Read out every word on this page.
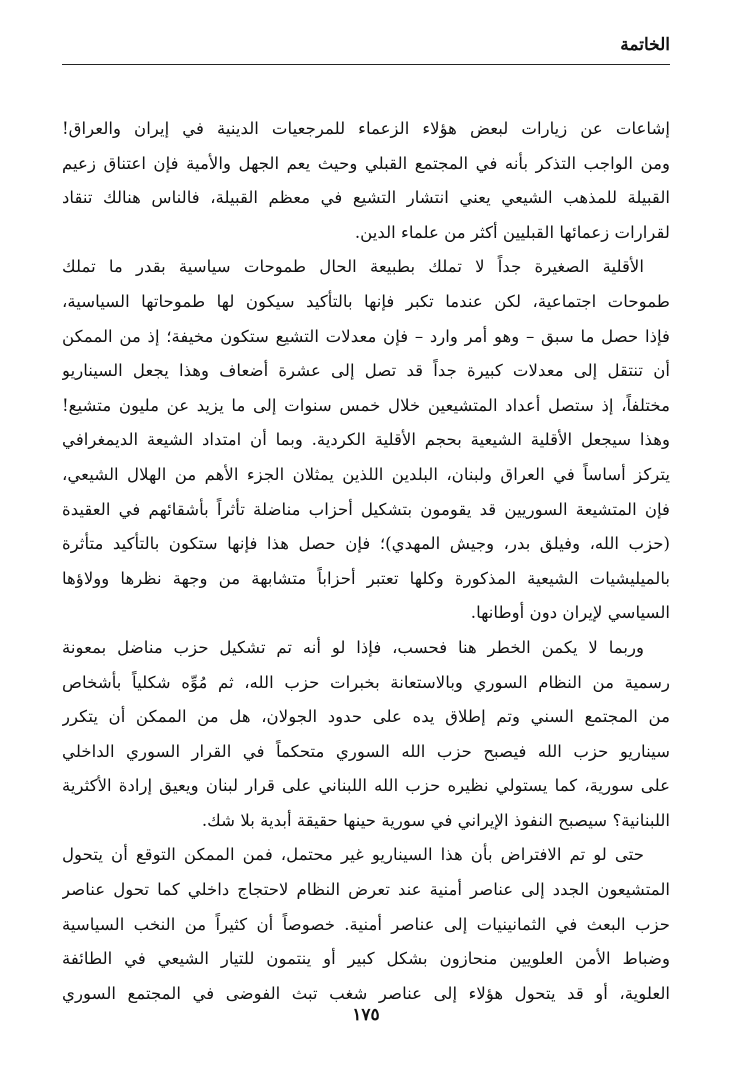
الخاتمة
إشاعات عن زيارات لبعض هؤلاء الزعماء للمرجعيات الدينية في إيران والعراق!
ومن الواجب التذكر بأنه في المجتمع القبلي وحيث يعم الجهل والأمية فإن اعتناق زعيم
القبيلة للمذهب الشيعي يعني انتشار التشيع في معظم القبيلة، فالناس هنالك تنقاد
لقرارات زعمائها القبليين أكثر من علماء الدين.
الأقلية الصغيرة جداً لا تملك بطبيعة الحال طموحات سياسية بقدر ما تملك
طموحات اجتماعية، لكن عندما تكبر فإنها بالتأكيد سيكون لها طموحاتها السياسية،
فإذا حصل ما سبق – وهو أمر وارد – فإن معدلات التشيع ستكون مخيفة؛ إذ من الممكن
أن تنتقل إلى معدلات كبيرة جداً قد تصل إلى عشرة أضعاف وهذا يجعل السيناريو
مختلفاً، إذ ستصل أعداد المتشيعين خلال خمس سنوات إلى ما يزيد عن مليون متشيع!
وهذا سيجعل الأقلية الشيعية بحجم الأقلية الكردية. وبما أن امتداد الشيعة الديمغرافي
يتركز أساساً في العراق ولبنان، البلدين اللذين يمثلان الجزء الأهم من الهلال الشيعي،
فإن المتشيعة السوريين قد يقومون بتشكيل أحزاب مناضلة تأثراً بأشقائهم في العقيدة
(حزب الله، وفيلق بدر، وجيش المهدي)؛ فإن حصل هذا فإنها ستكون بالتأكيد متأثرة
بالميليشيات الشيعية المذكورة وكلها تعتبر أحزاباً متشابهة من وجهة نظرها وولاؤها
السياسي لإيران دون أوطانها.
وربما لا يكمن الخطر هنا فحسب، فإذا لو أنه تم تشكيل حزب مناضل بمعونة
رسمية من النظام السوري وبالاستعانة بخبرات حزب الله، ثم مُوِّه شكلياً بأشخاص
من المجتمع السني وتم إطلاق يده على حدود الجولان، هل من الممكن أن يتكرر
سيناريو حزب الله فيصبح حزب الله السوري متحكماً في القرار السوري الداخلي
على سورية، كما يستولي نظيره حزب الله اللبناني على قرار لبنان ويعيق إرادة الأكثرية
اللبنانية؟ سيصبح النفوذ الإيراني في سورية حينها حقيقة أبدية بلا شك.
حتى لو تم الافتراض بأن هذا السيناريو غير محتمل، فمن الممكن التوقع أن يتحول
المتشيعون الجدد إلى عناصر أمنية عند تعرض النظام لاحتجاج داخلي كما تحول عناصر
حزب البعث في الثمانينيات إلى عناصر أمنية. خصوصاً أن كثيراً من النخب السياسية
وضباط الأمن العلويين منحازون بشكل كبير أو ينتمون للتيار الشيعي في الطائفة
العلوية، أو قد يتحول هؤلاء إلى عناصر شغب تبث الفوضى في المجتمع السوري
١٧٥
